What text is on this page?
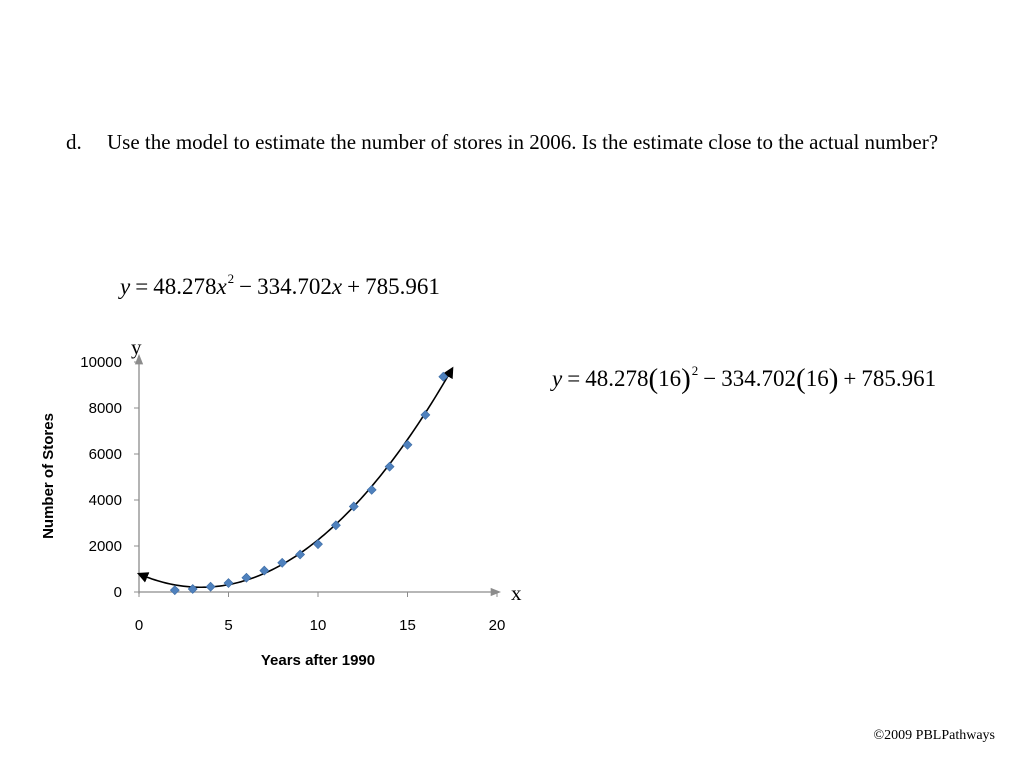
d. Use the model to estimate the number of stores in 2006. Is the estimate close to the actual number?
$y = 48.278x^2 - 334.702x + 785.961$
$y = 48.278(16)^2 - 334.702(16) + 785.961$
0	5	10	15	20
0
2000
4000
6000
8000
10000
Years after 1990
Number of Stores
x
y
©2009 PBLPathways
